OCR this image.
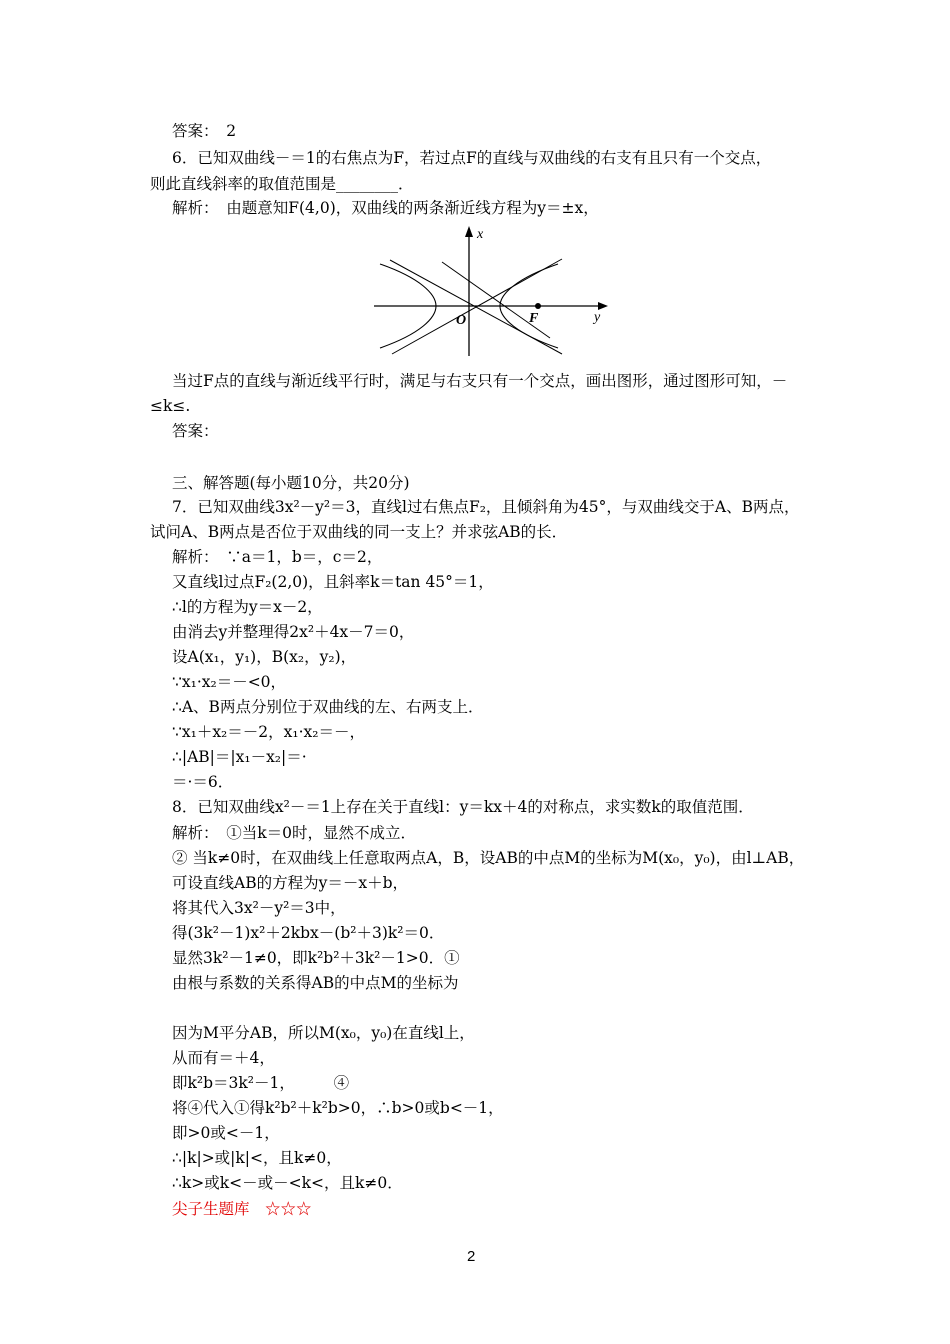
答案：　2
6．已知双曲线－＝1的右焦点为F，若过点F的直线与双曲线的右支有且只有一个交点，
则此直线斜率的取值范围是________．
解析：　由题意知F(4,0)，双曲线的两条渐近线方程为y＝±x，
x
y
O	F
当过F点的直线与渐近线平行时，满足与右支只有一个交点，画出图形，通过图形可知，－
≤k≤.
答案：
三、解答题(每小题10分，共20分)
7．已知双曲线3x²－y²＝3，直线l过右焦点F₂，且倾斜角为45°，与双曲线交于A、B两点，
试问A、B两点是否位于双曲线的同一支上？并求弦AB的长．
解析：　∵a＝1，b＝，c＝2，
又直线l过点F₂(2,0)，且斜率k＝tan 45°＝1，
∴l的方程为y＝x－2，
由消去y并整理得2x²＋4x－7＝0，
设A(x₁，y₁)，B(x₂，y₂)，
∵x₁·x₂＝－<0，
∴A、B两点分别位于双曲线的左、右两支上．
∵x₁＋x₂＝－2，x₁·x₂＝－，
∴|AB|＝|x₁－x₂|＝·
＝·＝6．
8．已知双曲线x²－＝1上存在关于直线l：y＝kx＋4的对称点，求实数k的取值范围．
解析：　①当k＝0时，显然不成立．
② 当k≠0时，在双曲线上任意取两点A，B，设AB的中点M的坐标为M(x₀，y₀)，由l⊥AB，
可设直线AB的方程为y＝－x＋b，
将其代入3x²－y²＝3中，
得(3k²－1)x²＋2kbx－(b²＋3)k²＝0．
显然3k²－1≠0，即k²b²＋3k²－1>0．①
由根与系数的关系得AB的中点M的坐标为
因为M平分AB，所以M(x₀，y₀)在直线l上，
从而有＝＋4，
即k²b＝3k²－1，　　　④
将④代入①得k²b²＋k²b>0，∴b>0或b<－1，
即>0或<－1，
∴|k|>或|k|<，且k≠0，
∴k>或k<－或－<k<，且k≠0．
尖子生题库　☆☆☆
2
